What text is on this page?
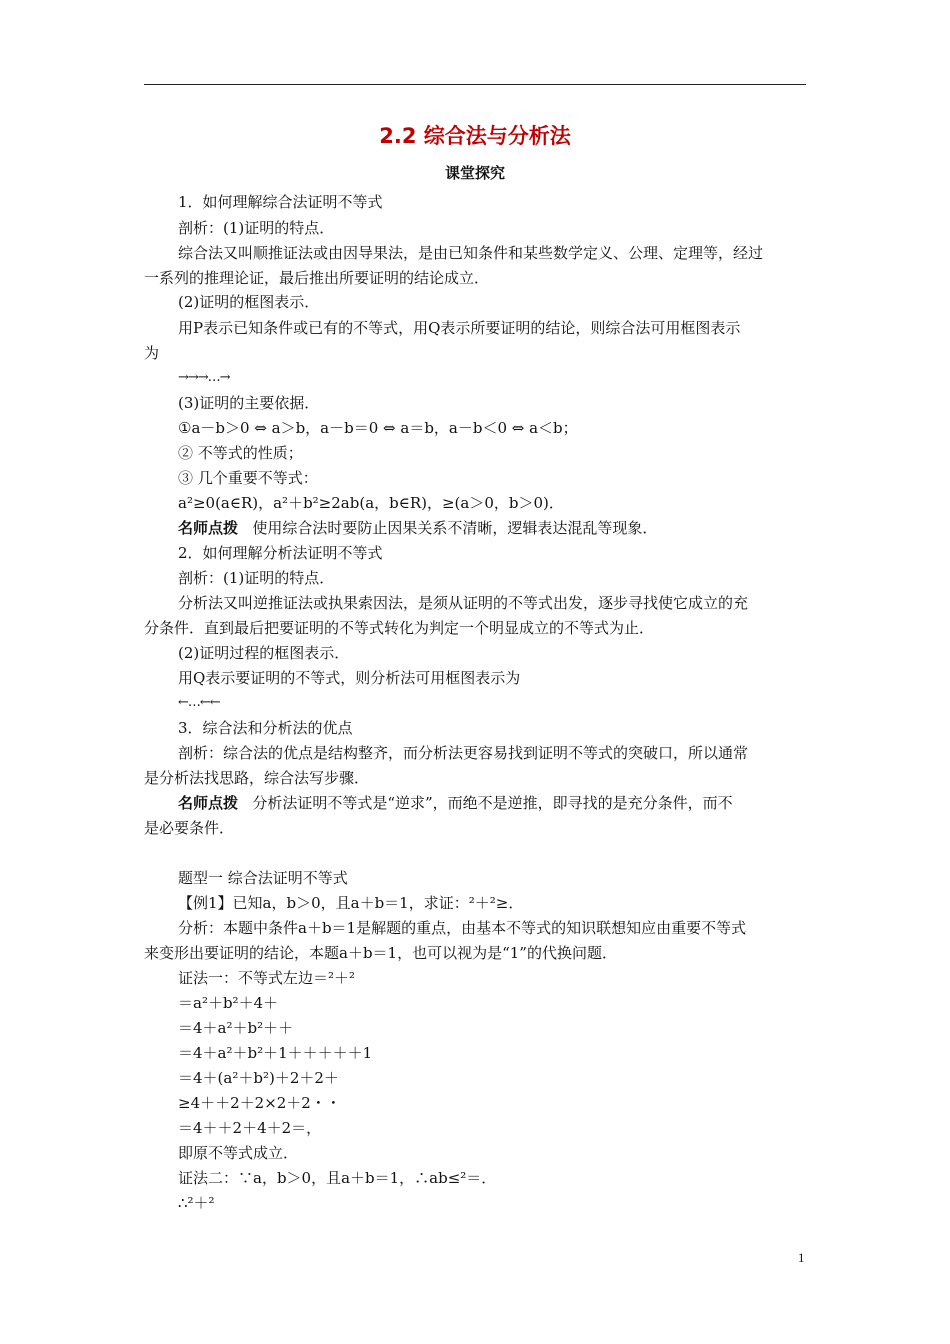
2.2 综合法与分析法
课堂探究
1．如何理解综合法证明不等式
剖析：(1)证明的特点．
综合法又叫顺推证法或由因导果法，是由已知条件和某些数学定义、公理、定理等，经过
一系列的推理论证，最后推出所要证明的结论成立．
(2)证明的框图表示．
用P表示已知条件或已有的不等式，用Q表示所要证明的结论，则综合法可用框图表示
为
→→→…→
(3)证明的主要依据．
①a－b＞0 ⇔ a＞b，a－b＝0 ⇔ a＝b，a－b＜0 ⇔ a＜b；
② 不等式的性质；
③ 几个重要不等式：
a²≥0(a∈R)，a²＋b²≥2ab(a，b∈R)，≥(a＞0，b＞0)．
名师点拨 使用综合法时要防止因果关系不清晰，逻辑表达混乱等现象．
2．如何理解分析法证明不等式
剖析：(1)证明的特点．
分析法又叫逆推证法或执果索因法，是须从证明的不等式出发，逐步寻找使它成立的充
分条件．直到最后把要证明的不等式转化为判定一个明显成立的不等式为止．
(2)证明过程的框图表示．
用Q表示要证明的不等式，则分析法可用框图表示为
←…←←
3．综合法和分析法的优点
剖析：综合法的优点是结构整齐，而分析法更容易找到证明不等式的突破口，所以通常
是分析法找思路，综合法写步骤．
名师点拨 分析法证明不等式是“逆求”，而绝不是逆推，即寻找的是充分条件，而不
是必要条件．
题型一 综合法证明不等式
【例1】已知a，b＞0，且a＋b＝1，求证：²＋²≥．
分析：本题中条件a＋b＝1是解题的重点，由基本不等式的知识联想知应由重要不等式
来变形出要证明的结论，本题a＋b＝1，也可以视为是“1”的代换问题．
证法一：不等式左边＝²＋²
＝a²＋b²＋4＋
＝4＋a²＋b²＋＋
＝4＋a²＋b²＋1＋＋＋＋＋1
＝4＋(a²＋b²)＋2＋2＋
≥4＋＋2＋2×2＋2・・
＝4＋＋2＋4＋2＝，
即原不等式成立．
证法二：∵a，b＞0，且a＋b＝1，∴ab≤²＝．
∴²＋²
1
